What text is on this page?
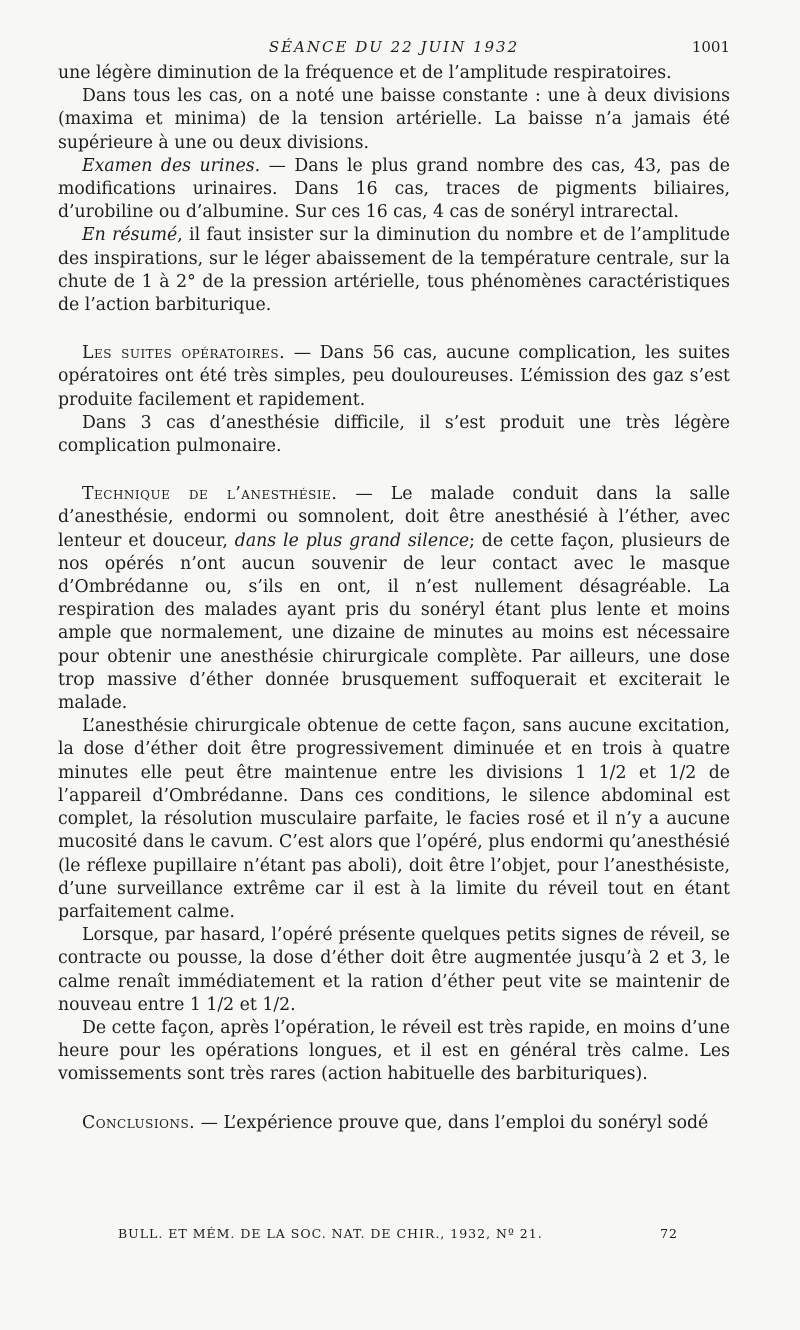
SÉANCE DU 22 JUIN 1932	1001

une légère diminution de la fréquence et de l’amplitude respiratoires.

Dans tous les cas, on a noté une baisse constante : une à deux divisions (maxima et minima) de la tension artérielle. La baisse n’a jamais été supérieure à une ou deux divisions.

Examen des urines. — Dans le plus grand nombre des cas, 43, pas de modifications urinaires. Dans 16 cas, traces de pigments biliaires, d’urobiline ou d’albumine. Sur ces 16 cas, 4 cas de sonéryl intrarectal.

En résumé, il faut insister sur la diminution du nombre et de l’amplitude des inspirations, sur le léger abaissement de la température centrale, sur la chute de 1 à 2° de la pression artérielle, tous phénomènes caractéristiques de l’action barbiturique.

Les suites opératoires. — Dans 56 cas, aucune complication, les suites opératoires ont été très simples, peu douloureuses. L’émission des gaz s’est produite facilement et rapidement.

Dans 3 cas d’anesthésie difficile, il s’est produit une très légère complication pulmonaire.

Technique de l’anesthésie. — Le malade conduit dans la salle d’anesthésie, endormi ou somnolent, doit être anesthésié à l’éther, avec lenteur et douceur, dans le plus grand silence; de cette façon, plusieurs de nos opérés n’ont aucun souvenir de leur contact avec le masque d’Ombrédanne ou, s’ils en ont, il n’est nullement désagréable. La respiration des malades ayant pris du sonéryl étant plus lente et moins ample que normalement, une dizaine de minutes au moins est nécessaire pour obtenir une anesthésie chirurgicale complète. Par ailleurs, une dose trop massive d’éther donnée brusquement suffoquerait et exciterait le malade.

L’anesthésie chirurgicale obtenue de cette façon, sans aucune excitation, la dose d’éther doit être progressivement diminuée et en trois à quatre minutes elle peut être maintenue entre les divisions 1 1/2 et 1/2 de l’appareil d’Ombrédanne. Dans ces conditions, le silence abdominal est complet, la résolution musculaire parfaite, le facies rosé et il n’y a aucune mucosité dans le cavum. C’est alors que l’opéré, plus endormi qu’anesthésié (le réflexe pupillaire n’étant pas aboli), doit être l’objet, pour l’anesthésiste, d’une surveillance extrême car il est à la limite du réveil tout en étant parfaitement calme.

Lorsque, par hasard, l’opéré présente quelques petits signes de réveil, se contracte ou pousse, la dose d’éther doit être augmentée jusqu’à 2 et 3, le calme renaît immédiatement et la ration d’éther peut vite se maintenir de nouveau entre 1 1/2 et 1/2.

De cette façon, après l’opération, le réveil est très rapide, en moins d’une heure pour les opérations longues, et il est en général très calme. Les vomissements sont très rares (action habituelle des barbituriques).

Conclusions. — L’expérience prouve que, dans l’emploi du sonéryl sodé

BULL. ET MÉM. DE LA SOC. NAT. DE CHIR., 1932, Nº 21.	72
